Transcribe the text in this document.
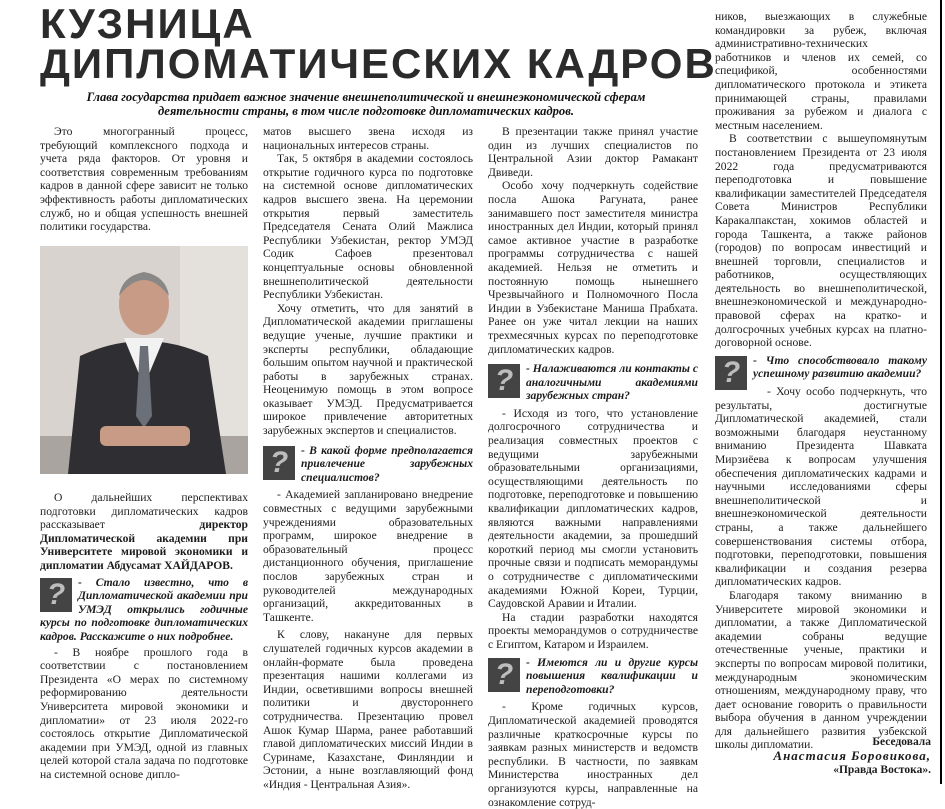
КУЗНИЦА ДИПЛОМАТИЧЕСКИХ КАДРОВ
Глава государства придает важное значение внешнеполитической и внешнеэкономической сферам деятельности страны, в том числе подготовке дипломатических кадров.

Это многогранный процесс, требующий комплексного подхода и учета ряда факторов. От уровня и соответствия современным требованиям кадров в данной сфере зависит не только эффективность работы дипломатических служб, но и общая успешность внешней политики государства.

О дальнейших перспективах подготовки дипломатических кадров рассказывает директор Дипломатической академии при Университете мировой экономики и дипломатии Абдусамат ХАЙДАРОВ.

?	- Стало известно, что в Дипломатической академии при УМЭД открылись годичные курсы по подготовке дипломатических кадров. Расскажите о них подробнее.

- В ноябре прошлого года в соответствии с постановлением Президента «О мерах по системному реформированию деятельности Университета мировой экономики и дипломатии» от 23 июля 2022-го состоялось открытие Дипломатической академии при УМЭД, одной из главных целей которой стала задача по подготовке на системной основе дипло-

матов высшего звена исходя из национальных интересов страны.

Так, 5 октября в академии состоялось открытие годичного курса по подготовке на системной основе дипломатических кадров высшего звена. На церемонии открытия первый заместитель Председателя Сената Олий Мажлиса Республики Узбекистан, ректор УМЭД Содик Сафоев презентовал концептуальные основы обновленной внешнеполитической деятельности Республики Узбекистан.

Хочу отметить, что для занятий в Дипломатической академии приглашены ведущие ученые, лучшие практики и эксперты республики, обладающие большим опытом научной и практической работы в зарубежных странах. Неоценимую помощь в этом вопросе оказывает УМЭД. Предусматривается широкое привлечение авторитетных зарубежных экспертов и специалистов.

?	- В какой форме предполагается привлечение зарубежных специалистов?

- Академией запланировано внедрение совместных с ведущими зарубежными учреждениями образовательных программ, широкое внедрение в образовательный процесс дистанционного обучения, приглашение послов зарубежных стран и руководителей международных организаций, аккредитованных в Ташкенте.

К слову, накануне для первых слушателей годичных курсов академии в онлайн-формате была проведена презентация нашими коллегами из Индии, осветившими вопросы внешней политики и двустороннего сотрудничества. Презентацию провел Ашок Кумар Шарма, ранее работавший главой дипломатических миссий Индии в Суринаме, Казахстане, Финляндии и Эстонии, а ныне возглавляющий фонд «Индия - Центральная Азия».

В презентации также принял участие один из лучших специалистов по Центральной Азии доктор Рамакант Двиведи.

Особо хочу подчеркнуть содействие посла Ашока Рагуната, ранее занимавшего пост заместителя министра иностранных дел Индии, который принял самое активное участие в разработке программы сотрудничества с нашей академией. Нельзя не отметить и постоянную помощь нынешнего Чрезвычайного и Полномочного Посла Индии в Узбекистане Маниша Прабхата. Ранее он уже читал лекции на наших трехмесячных курсах по переподготовке дипломатических кадров.

?	- Налаживаются ли контакты с аналогичными академиями зарубежных стран?

- Исходя из того, что установление долгосрочного сотрудничества и реализация совместных проектов с ведущими зарубежными образовательными организациями, осуществляющими деятельность по подготовке, переподготовке и повышению квалификации дипломатических кадров, являются важными направлениями деятельности академии, за прошедший короткий период мы смогли установить прочные связи и подписать меморандумы о сотрудничестве с дипломатическими академиями Южной Кореи, Турции, Саудовской Аравии и Италии.

На стадии разработки находятся проекты меморандумов о сотрудничестве с Египтом, Катаром и Израилем.

?	- Имеются ли и другие курсы повышения квалификации и переподготовки?

- Кроме годичных курсов, Дипломатической академией проводятся различные краткосрочные курсы по заявкам разных министерств и ведомств республики. В частности, по заявкам Министерства иностранных дел организуются курсы, направленные на ознакомление сотруд-

ников, выезжающих в служебные командировки за рубеж, включая административно-технических работников и членов их семей, со спецификой, особенностями дипломатического протокола и этикета принимающей страны, правилами проживания за рубежом и диалога с местным населением.

В соответствии с вышеупомянутым постановлением Президента от 23 июля 2022 года предусматриваются переподготовка и повышение квалификации заместителей Председателя Совета Министров Республики Каракалпакстан, хокимов областей и города Ташкента, а также районов (городов) по вопросам инвестиций и внешней торговли, специалистов и работников, осуществляющих деятельность во внешнеполитической, внешнеэкономической и международно-правовой сферах на кратко- и долгосрочных учебных курсах на платно-договорной основе.

?	- Что способствовало такому успешному развитию академии?

- Хочу особо подчеркнуть, что результаты, достигнутые Дипломатической академией, стали возможными благодаря неустанному вниманию Президента Шавката Мирзиёева к вопросам улучшения обеспечения дипломатических кадрами и научными исследованиями сферы внешнеполитической и внешнеэкономической деятельности страны, а также дальнейшего совершенствования системы отбора, подготовки, переподготовки, повышения квалификации и создания резерва дипломатических кадров.

Благодаря такому вниманию в Университете мировой экономики и дипломатии, а также Дипломатической академии собраны ведущие отечественные ученые, практики и эксперты по вопросам мировой политики, международным экономическим отношениям, международному праву, что дает основание говорить о правильности выбора обучения в данном учреждении для дальнейшего развития узбекской школы дипломатии.	Беседовала
Анастасия Боровикова,
«Правда Востока».
